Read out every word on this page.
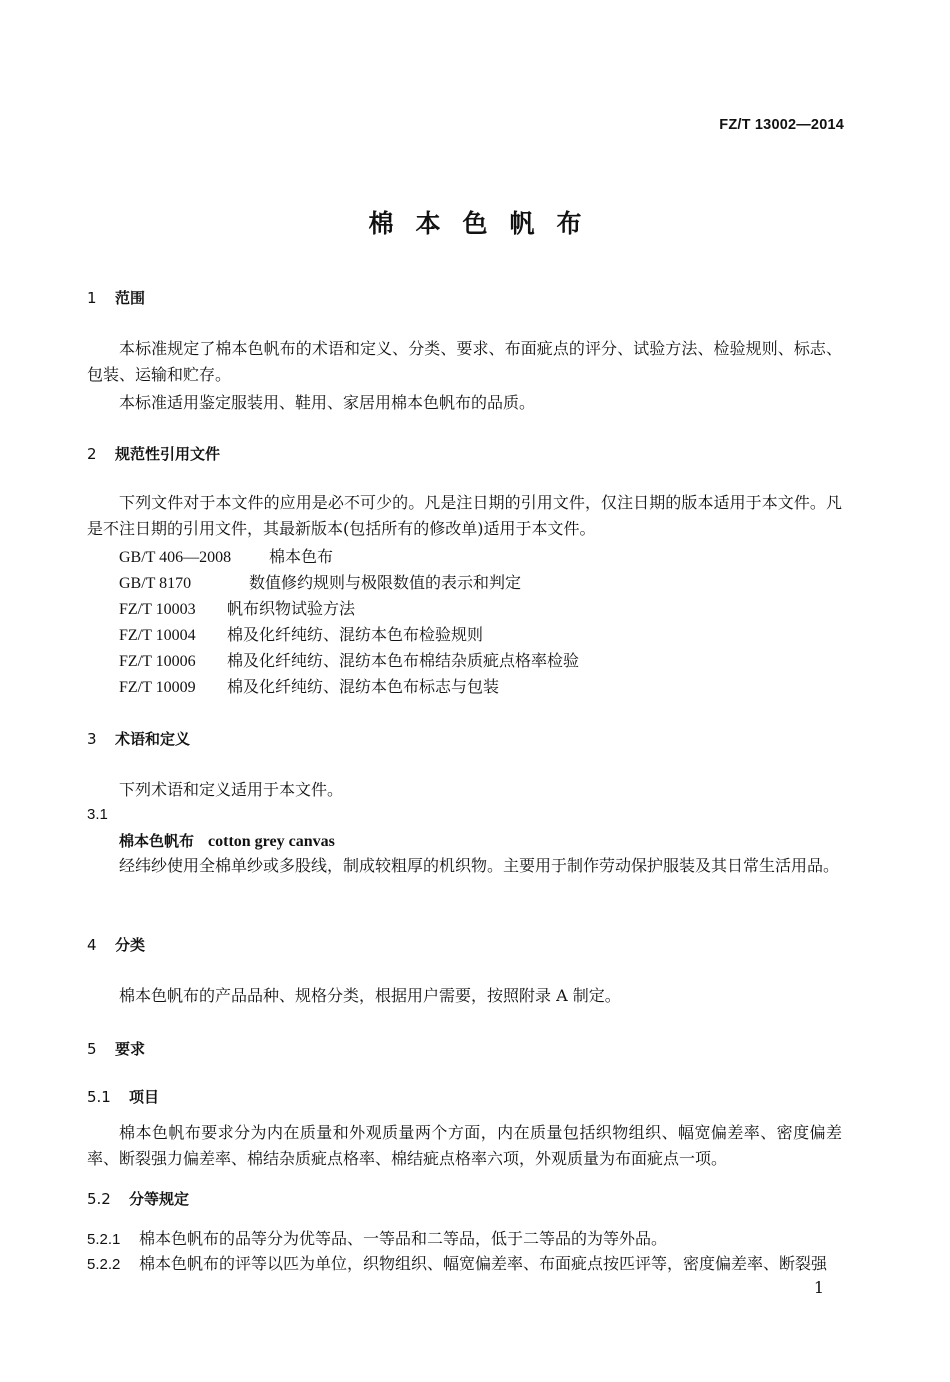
FZ/T 13002—2014
棉本色帆布
1 范围
本标准规定了棉本色帆布的术语和定义、分类、要求、布面疵点的评分、试验方法、检验规则、标志、包装、运输和贮存。
本标准适用鉴定服装用、鞋用、家居用棉本色帆布的品质。
2 规范性引用文件
下列文件对于本文件的应用是必不可少的。凡是注日期的引用文件，仅注日期的版本适用于本文件。凡是不注日期的引用文件，其最新版本(包括所有的修改单)适用于本文件。
GB/T 406—2008 棉本色布
GB/T 8170	数值修约规则与极限数值的表示和判定
FZ/T 10003 帆布织物试验方法
FZ/T 10004 棉及化纤纯纺、混纺本色布检验规则
FZ/T 10006 棉及化纤纯纺、混纺本色布棉结杂质疵点格率检验
FZ/T 10009 棉及化纤纯纺、混纺本色布标志与包装
3 术语和定义
下列术语和定义适用于本文件。
3.1
棉本色帆布 cotton grey canvas
经纬纱使用全棉单纱或多股线，制成较粗厚的机织物。主要用于制作劳动保护服装及其日常生活用品。
4 分类
棉本色帆布的产品品种、规格分类，根据用户需要，按照附录 A 制定。
5 要求
5.1 项目
棉本色帆布要求分为内在质量和外观质量两个方面，内在质量包括织物组织、幅宽偏差率、密度偏差率、断裂强力偏差率、棉结杂质疵点格率、棉结疵点格率六项，外观质量为布面疵点一项。
5.2 分等规定
5.2.1 棉本色帆布的品等分为优等品、一等品和二等品，低于二等品的为等外品。
5.2.2 棉本色帆布的评等以匹为单位，织物组织、幅宽偏差率、布面疵点按匹评等，密度偏差率、断裂强
1
